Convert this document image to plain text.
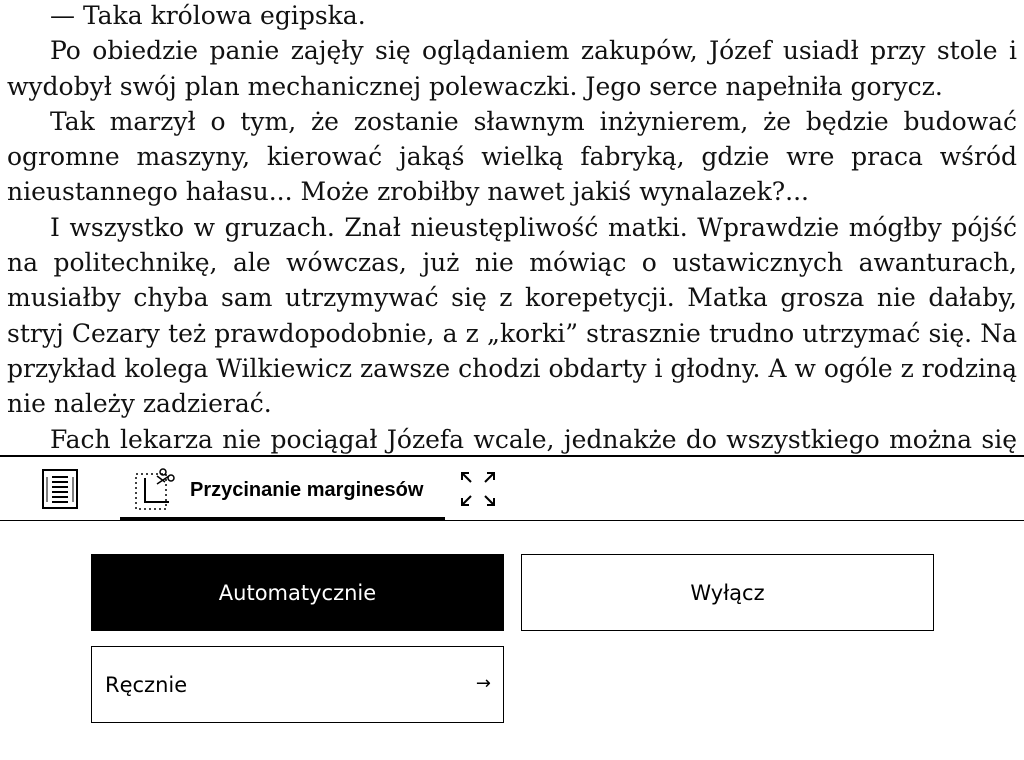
— Taka królowa egipska.

Po obiedzie panie zajęły się oglądaniem zakupów, Józef usiadł przy stole i wydobył swój plan mechanicznej polewaczki. Jego serce napełniła gorycz.

Tak marzył o tym, że zostanie sławnym inżynierem, że będzie budować ogromne maszyny, kierować jakąś wielką fabryką, gdzie wre praca wśród nieustannego hałasu... Może zrobiłby nawet jakiś wynalazek?...

I wszystko w gruzach. Znał nieustępliwość matki. Wprawdzie mógłby pójść na politechnikę, ale wówczas, już nie mówiąc o ustawicznych awanturach, musiałby chyba sam utrzymywać się z korepetycji. Matka grosza nie dałaby, stryj Cezary też prawdopodobnie, a z „korki” strasznie trudno utrzymać się. Na przykład kolega Wilkiewicz zawsze chodzi obdarty i głodny. A w ogóle z rodziną nie należy zadzierać.

Fach lekarza nie pociągał Józefa wcale, jednakże do wszystkiego można się

Przycinanie marginesów
Automatycznie	Wyłącz
Ręcznie	→
